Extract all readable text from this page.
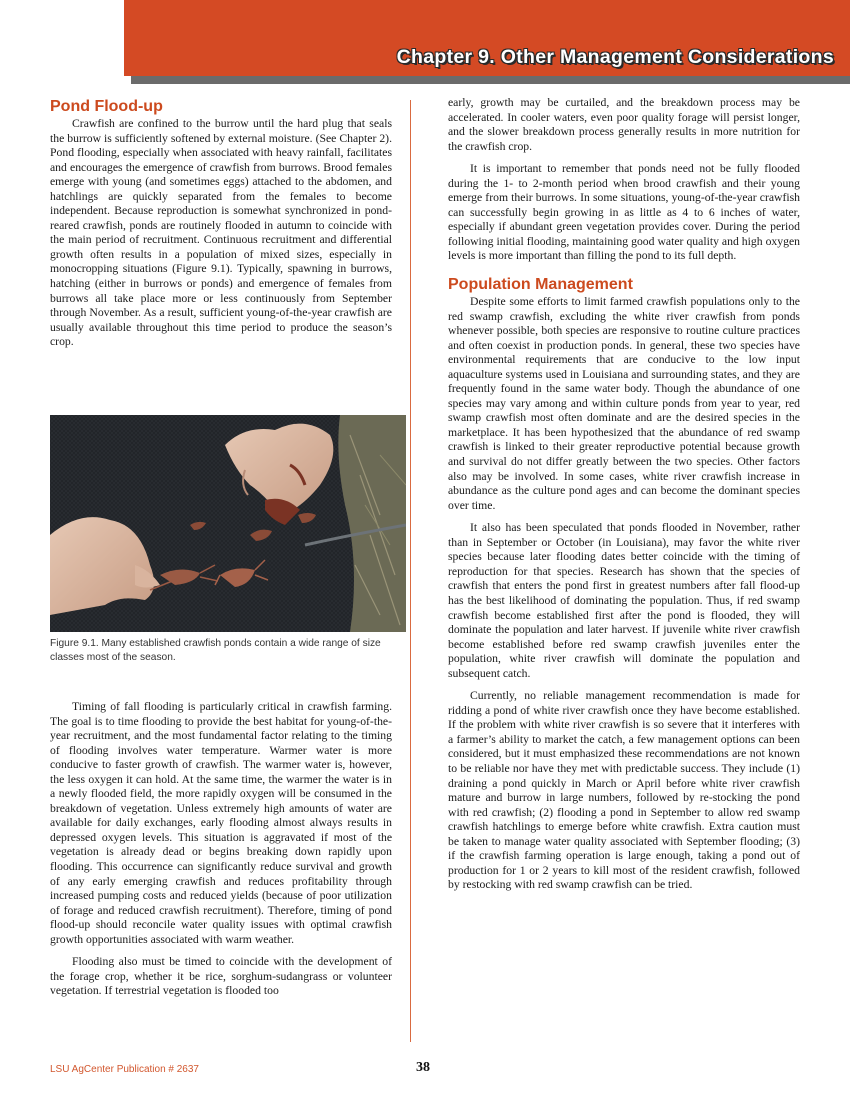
Chapter 9. Other Management Considerations
Pond Flood-up

Crawfish are confined to the burrow until the hard plug that seals the burrow is sufficiently softened by external moisture. (See Chapter 2). Pond flooding, especially when associated with heavy rainfall, facilitates and encourages the emergence of crawfish from burrows. Brood females emerge with young (and sometimes eggs) attached to the abdomen, and hatchlings are quickly separated from the females to become independent. Because reproduction is somewhat synchronized in pond-reared crawfish, ponds are routinely flooded in autumn to coincide with the main period of recruitment. Continuous recruitment and differential growth often results in a population of mixed sizes, especially in monocropping situations (Figure 9.1). Typically, spawning in burrows, hatching (either in burrows or ponds) and emergence of females from burrows all take place more or less continuously from September through November. As a result, sufficient young-of-the-year crawfish are usually available throughout this time period to produce the season’s crop.

Figure 9.1. Many established crawfish ponds contain a wide range of size classes most of the season.

Timing of fall flooding is particularly critical in crawfish farming. The goal is to time flooding to provide the best habitat for young-of-the-year recruitment, and the most fundamental factor relating to the timing of flooding involves water temperature. Warmer water is more conducive to faster growth of crawfish. The warmer water is, however, the less oxygen it can hold. At the same time, the warmer the water is in a newly flooded field, the more rapidly oxygen will be consumed in the breakdown of vegetation. Unless extremely high amounts of water are available for daily exchanges, early flooding almost always results in depressed oxygen levels. This situation is aggravated if most of the vegetation is already dead or begins breaking down rapidly upon flooding. This occurrence can significantly reduce survival and growth of any early emerging crawfish and reduces profitability through increased pumping costs and reduced yields (because of poor utilization of forage and reduced crawfish recruitment). Therefore, timing of pond flood-up should reconcile water quality issues with optimal crawfish growth opportunities associated with warm weather.

Flooding also must be timed to coincide with the development of the forage crop, whether it be rice, sorghum-sudangrass or volunteer vegetation. If terrestrial vegetation is flooded too

early, growth may be curtailed, and the breakdown process may be accelerated. In cooler waters, even poor quality forage will persist longer, and the slower breakdown process generally results in more nutrition for the crawfish crop.

It is important to remember that ponds need not be fully flooded during the 1- to 2-month period when brood crawfish and their young emerge from their burrows. In some situations, young-of-the-year crawfish can successfully begin growing in as little as 4 to 6 inches of water, especially if abundant green vegetation provides cover. During the period following initial flooding, maintaining good water quality and high oxygen levels is more important than filling the pond to its full depth.

Population Management

Despite some efforts to limit farmed crawfish populations only to the red swamp crawfish, excluding the white river crawfish from ponds whenever possible, both species are responsive to routine culture practices and often coexist in production ponds. In general, these two species have environmental requirements that are conducive to the low input aquaculture systems used in Louisiana and surrounding states, and they are frequently found in the same water body. Though the abundance of one species may vary among and within culture ponds from year to year, red swamp crawfish most often dominate and are the desired species in the marketplace. It has been hypothesized that the abundance of red swamp crawfish is linked to their greater reproductive potential because growth and survival do not differ greatly between the two species. Other factors also may be involved. In some cases, white river crawfish increase in abundance as the culture pond ages and can become the dominant species over time.

It also has been speculated that ponds flooded in November, rather than in September or October (in Louisiana), may favor the white river species because later flooding dates better coincide with the timing of reproduction for that species. Research has shown that the species of crawfish that enters the pond first in greatest numbers after fall flood-up has the best likelihood of dominating the population. Thus, if red swamp crawfish become established first after the pond is flooded, they will dominate the population and later harvest. If juvenile white river crawfish become established before red swamp crawfish juveniles enter the population, white river crawfish will dominate the population and subsequent catch.

Currently, no reliable management recommendation is made for ridding a pond of white river crawfish once they have become established. If the problem with white river crawfish is so severe that it interferes with a farmer’s ability to market the catch, a few management options can been considered, but it must emphasized these recommendations are not known to be reliable nor have they met with predictable success. They include (1) draining a pond quickly in March or April before white river crawfish mature and burrow in large numbers, followed by re-stocking the pond with red crawfish; (2) flooding a pond in September to allow red swamp crawfish hatchlings to emerge before white crawfish. Extra caution must be taken to manage water quality associated with September flooding; (3) if the crawfish farming operation is large enough, taking a pond out of production for 1 or 2 years to kill most of the resident crawfish, followed by restocking with red swamp crawfish can be tried.

LSU AgCenter Publication # 2637	38
